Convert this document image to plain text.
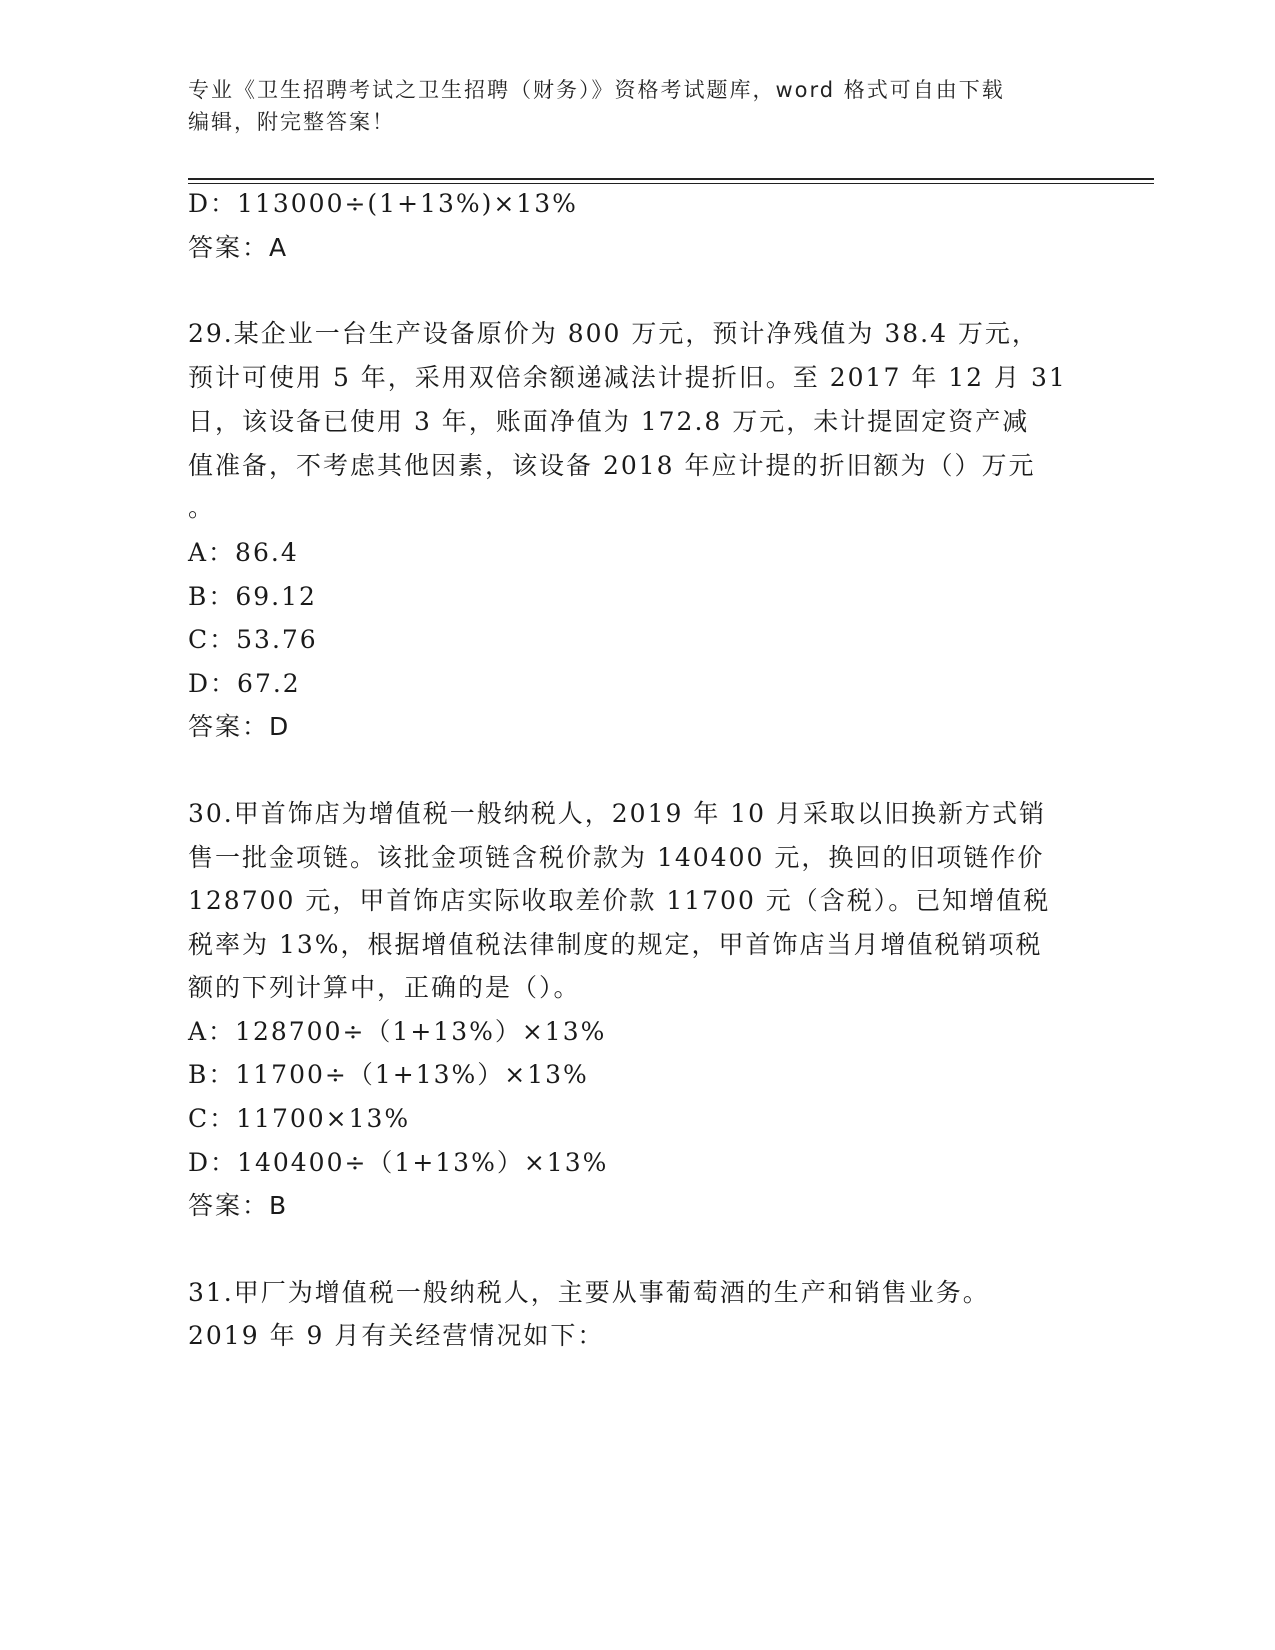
专业《卫生招聘考试之卫生招聘（财务）》资格考试题库，word 格式可自由下载
编辑，附完整答案！
D：113000÷(1+13%)×13%
答案：A
29.某企业一台生产设备原价为 800 万元，预计净残值为 38.4 万元，
预计可使用 5 年，采用双倍余额递减法计提折旧。至 2017 年 12 月 31
日，该设备已使用 3 年，账面净值为 172.8 万元，未计提固定资产减
值准备，不考虑其他因素，该设备 2018 年应计提的折旧额为（）万元
。
A：86.4
B：69.12
C：53.76
D：67.2
答案：D
30.甲首饰店为增值税一般纳税人，2019 年 10 月采取以旧换新方式销
售一批金项链。该批金项链含税价款为 140400 元，换回的旧项链作价
128700 元，甲首饰店实际收取差价款 11700 元（含税）。已知增值税
税率为 13%，根据增值税法律制度的规定，甲首饰店当月增值税销项税
额的下列计算中，正确的是（）。
A：128700÷（1+13%）×13%
B：11700÷（1+13%）×13%
C：11700×13%
D：140400÷（1+13%）×13%
答案：B
31.甲厂为增值税一般纳税人，主要从事葡萄酒的生产和销售业务。
2019 年 9 月有关经营情况如下：
